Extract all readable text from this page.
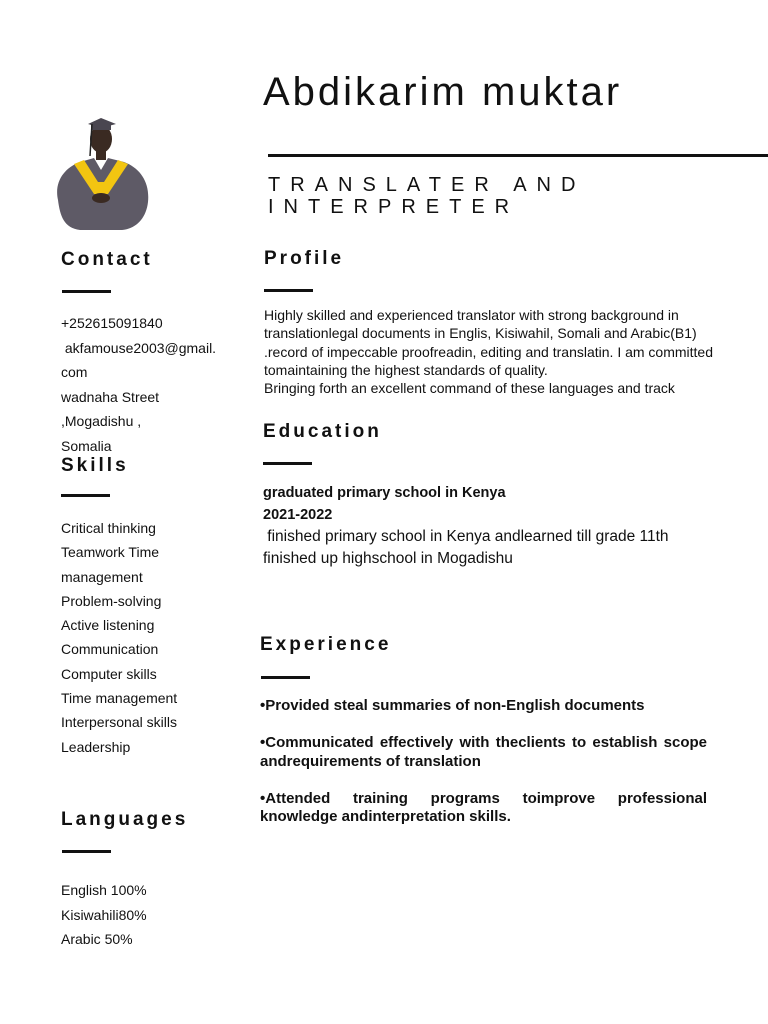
Abdikarim muktar
TRANSLATER AND INTERPRETER
Contact
+252615091840
akfamouse2003@gmail.com
wadnaha Street ,Mogadishu , Somalia
Skills
Critical thinking
Teamwork Time management
Problem-solving
Active listening
Communication
Computer skills
Time management
Interpersonal skills
Leadership
Languages
English 100%
Kisiwahili80%
Arabic 50%
Profile
Highly skilled and experienced translator with strong background in translationlegal documents in Englis, Kisiwahil, Somali and Arabic(B1) .record of impeccable proofreadin, editing and translatin. I am committed tomaintaining the highest standards of quality.
Bringing forth an excellent command of these languages and track
Education
graduated primary school in Kenya
2021-2022
finished primary school in Kenya andlearned till grade 11th
finished up highschool in Mogadishu
Experience

•Provided steal summaries of non-English documents

•Communicated effectively with theclients to establish scope andrequirements of translation

•Attended training programs toimprove professional knowledge andinterpretation skills.
